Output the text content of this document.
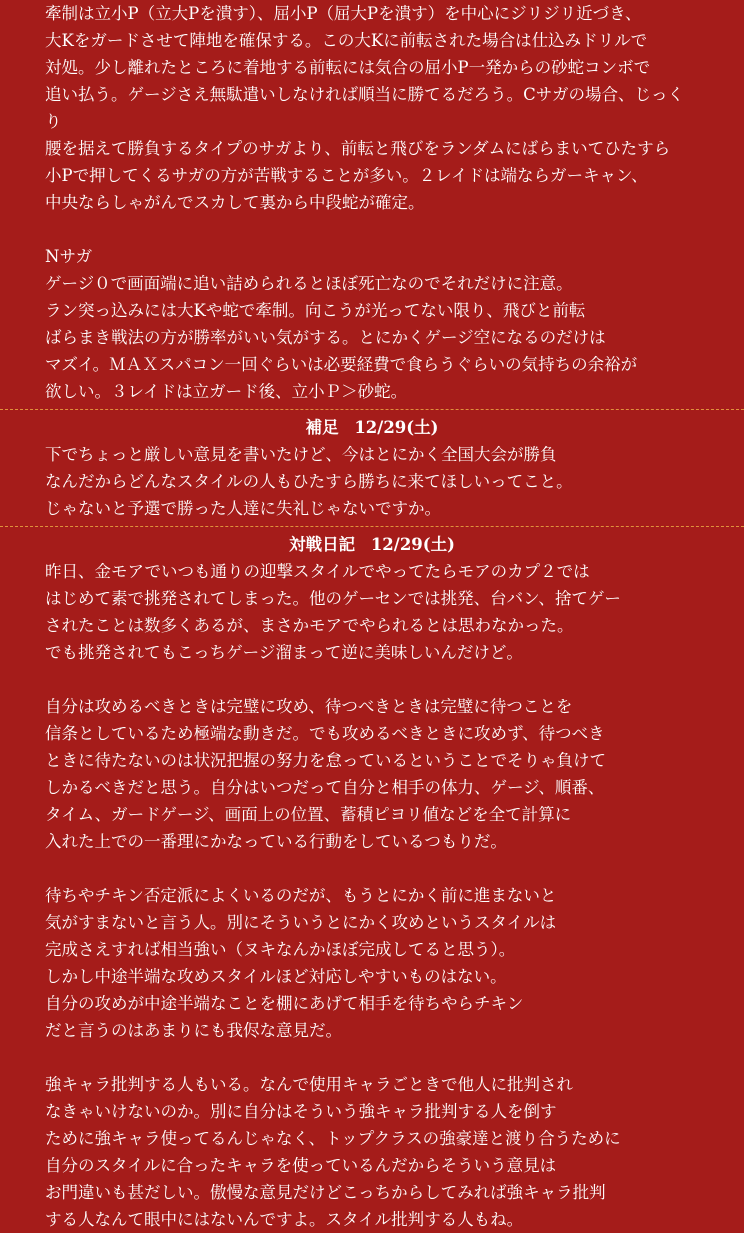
牽制は立小P（立大Pを潰す）、屈小P（屈大Pを潰す）を中心にジリジリ近づき、
大Kをガードさせて陣地を確保する。この大Kに前転された場合は仕込みドリルで
対処。少し離れたところに着地する前転には気合の屈小P一発からの砂蛇コンボで
追い払う。ゲージさえ無駄遣いしなければ順当に勝てるだろう。Cサガの場合、じっく
り
腰を据えて勝負するタイプのサガより、前転と飛びをランダムにばらまいてひたすら
小Pで押してくるサガの方が苦戦することが多い。２レイドは端ならガーキャン、
中央ならしゃがんでスカして裏から中段蛇が確定。
Nサガ
ゲージ０で画面端に追い詰められるとほぼ死亡なのでそれだけに注意。
ラン突っ込みには大Kや蛇で牽制。向こうが光ってない限り、飛びと前転
ばらまき戦法の方が勝率がいい気がする。とにかくゲージ空になるのだけは
マズイ。ＭＡＸスパコン一回ぐらいは必要経費で食らうぐらいの気持ちの余裕が
欲しい。３レイドは立ガード後、立小Ｐ＞砂蛇。
補足 12/29(土)
下でちょっと厳しい意見を書いたけど、今はとにかく全国大会が勝負
なんだからどんなスタイルの人もひたすら勝ちに来てほしいってこと。
じゃないと予選で勝った人達に失礼じゃないですか。
対戦日記 12/29(土)
昨日、金モアでいつも通りの迎撃スタイルでやってたらモアのカプ２では
はじめて素で挑発されてしまった。他のゲーセンでは挑発、台バン、捨てゲー
されたことは数多くあるが、まさかモアでやられるとは思わなかった。
でも挑発されてもこっちゲージ溜まって逆に美味しいんだけど。
自分は攻めるべきときは完璧に攻め、待つべきときは完璧に待つことを
信条としているため極端な動きだ。でも攻めるべきときに攻めず、待つべき
ときに待たないのは状況把握の努力を怠っているということでそりゃ負けて
しかるべきだと思う。自分はいつだって自分と相手の体力、ゲージ、順番、
タイム、ガードゲージ、画面上の位置、蓄積ピヨリ値などを全て計算に
入れた上での一番理にかなっている行動をしているつもりだ。
待ちやチキン否定派によくいるのだが、もうとにかく前に進まないと
気がすまないと言う人。別にそういうとにかく攻めというスタイルは
完成さえすれば相当強い（ヌキなんかほぼ完成してると思う）。
しかし中途半端な攻めスタイルほど対応しやすいものはない。
自分の攻めが中途半端なことを棚にあげて相手を待ちやらチキン
だと言うのはあまりにも我侭な意見だ。
強キャラ批判する人もいる。なんで使用キャラごときで他人に批判され
なきゃいけないのか。別に自分はそういう強キャラ批判する人を倒す
ために強キャラ使ってるんじゃなく、トップクラスの強豪達と渡り合うために
自分のスタイルに合ったキャラを使っているんだからそういう意見は
お門違いも甚だしい。傲慢な意見だけどこっちからしてみれば強キャラ批判
する人なんて眼中にはないんですよ。スタイル批判する人もね。
